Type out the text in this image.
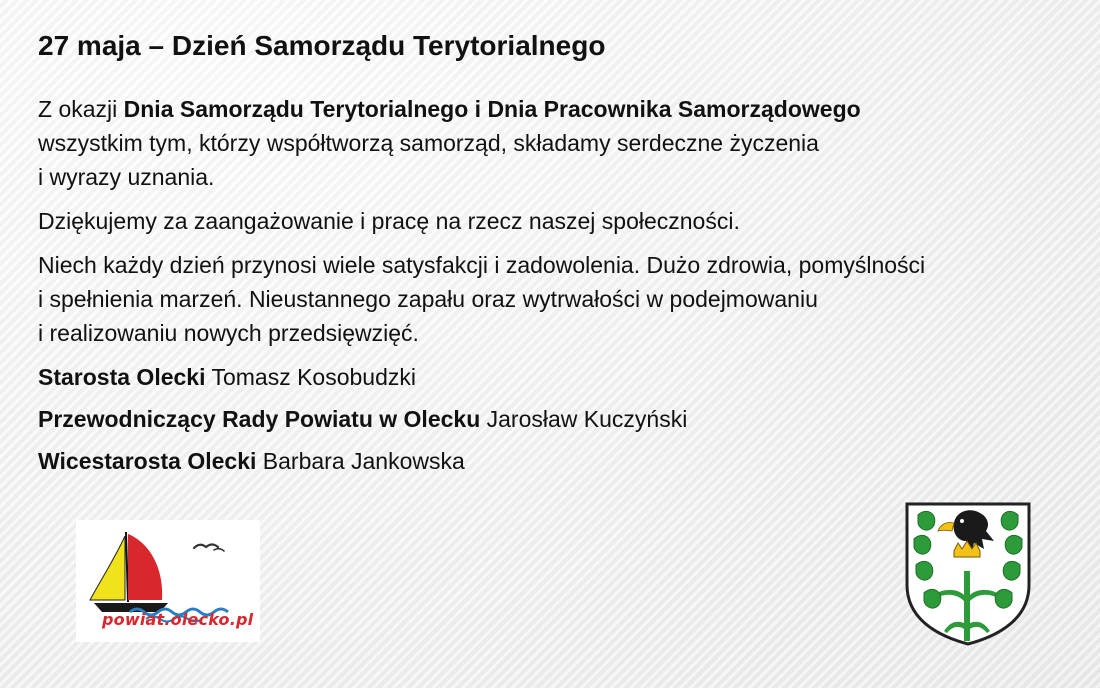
27 maja – Dzień Samorządu Terytorialnego
Z okazji Dnia Samorządu Terytorialnego i Dnia Pracownika Samorządowego
wszystkim tym, którzy współtworzą samorząd, składamy serdeczne życzenia
i wyrazy uznania.
Dziękujemy za zaangażowanie i pracę na rzecz naszej społeczności.
Niech każdy dzień przynosi wiele satysfakcji i zadowolenia. Dużo zdrowia, pomyślności
i spełnienia marzeń. Nieustannego zapału oraz wytrwałości w podejmowaniu
i realizowaniu nowych przedsięwzięć.
Starosta Olecki Tomasz Kosobudzki
Przewodniczący Rady Powiatu w Olecku Jarosław Kuczyński
Wicestarosta Olecki Barbara Jankowska
powiat.olecko.pl
